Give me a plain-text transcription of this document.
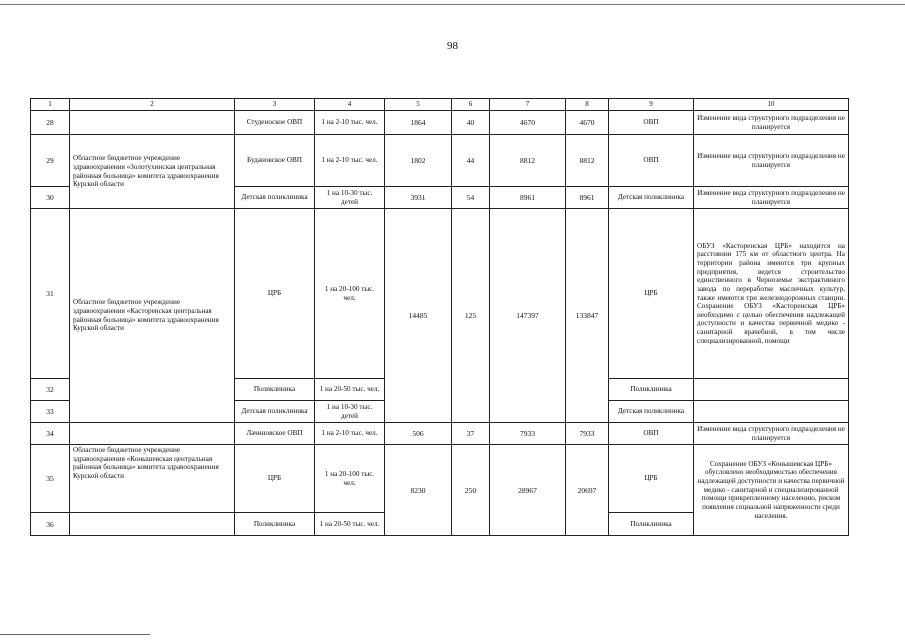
98
1	2	3	4	5	6	7	8	9	10
28		Студеноское ОВП	1 на 2-10 тыс. чел.	1864	40	4670	4670	ОВП	Изменение вида структурного подразделения не планируется
29	Областное бюджетное учреждение здравоохранения «Золотухинская центральная районная больница» комитета здравоохранения Курской области	Будановское ОВП	1 на 2-10 тыс. чел.	1802	44	8812	8812	ОВП	Изменение вида структурного подразделения не планируется
30		Детская поликлиника	1 на 10-30 тыс. детей	3931	54	8961	8961	Детская поликлиника	Изменение вида структурного подразделения не планируется
31	Областное бюджетное учреждение здравоохранения «Касторенская центральная районная больница» комитета здравоохранения Курской области	ЦРБ	1 на 20-100 тыс. чел.	14485	125	147397	133847	ЦРБ	ОБУЗ «Касторенская ЦРБ» находится на расстоянии 175 км от областного центра. На территории района имеются три крупных предприятия, ведется строительство единственного в Черноземье экстрактивного завода по переработке масличных культур, также имеются три железнодорожных станции. Сохранение ОБУЗ «Касторенская ЦРБ» необходимо с целью обеспечения надлежащей доступности и качества первичной медико - санитарной врачебной, в том числе специализированной, помощи
32		Поликлиника	1 на 20-50 тыс. чел.					Поликлиника	
33		Детская поликлиника	1 на 10-30 тыс. детей					Детская поликлиника	
34		Лачиновское ОВП	1 на 2-10 тыс. чел.	506	37	7933	7933	ОВП	Изменение вида структурного подразделения не планируется
35	Областное бюджетное учреждение здравоохранения «Конышевская центральная районная больница» комитета здравоохранения Курской области	ЦРБ	1 на 20-100 тыс. чел.	8230	250	28967	20697	ЦРБ	Сохранение ОБУЗ «Конышевская ЦРБ» обусловлено необходимостью обеспечения надлежащей доступности и качества первичной медико - санитарной и специализированной помощи прикрепленному населению, риском появления социальной напряженности среди населения.
36		Поликлиника	1 на 20-50 тыс. чел.					Поликлиника	
